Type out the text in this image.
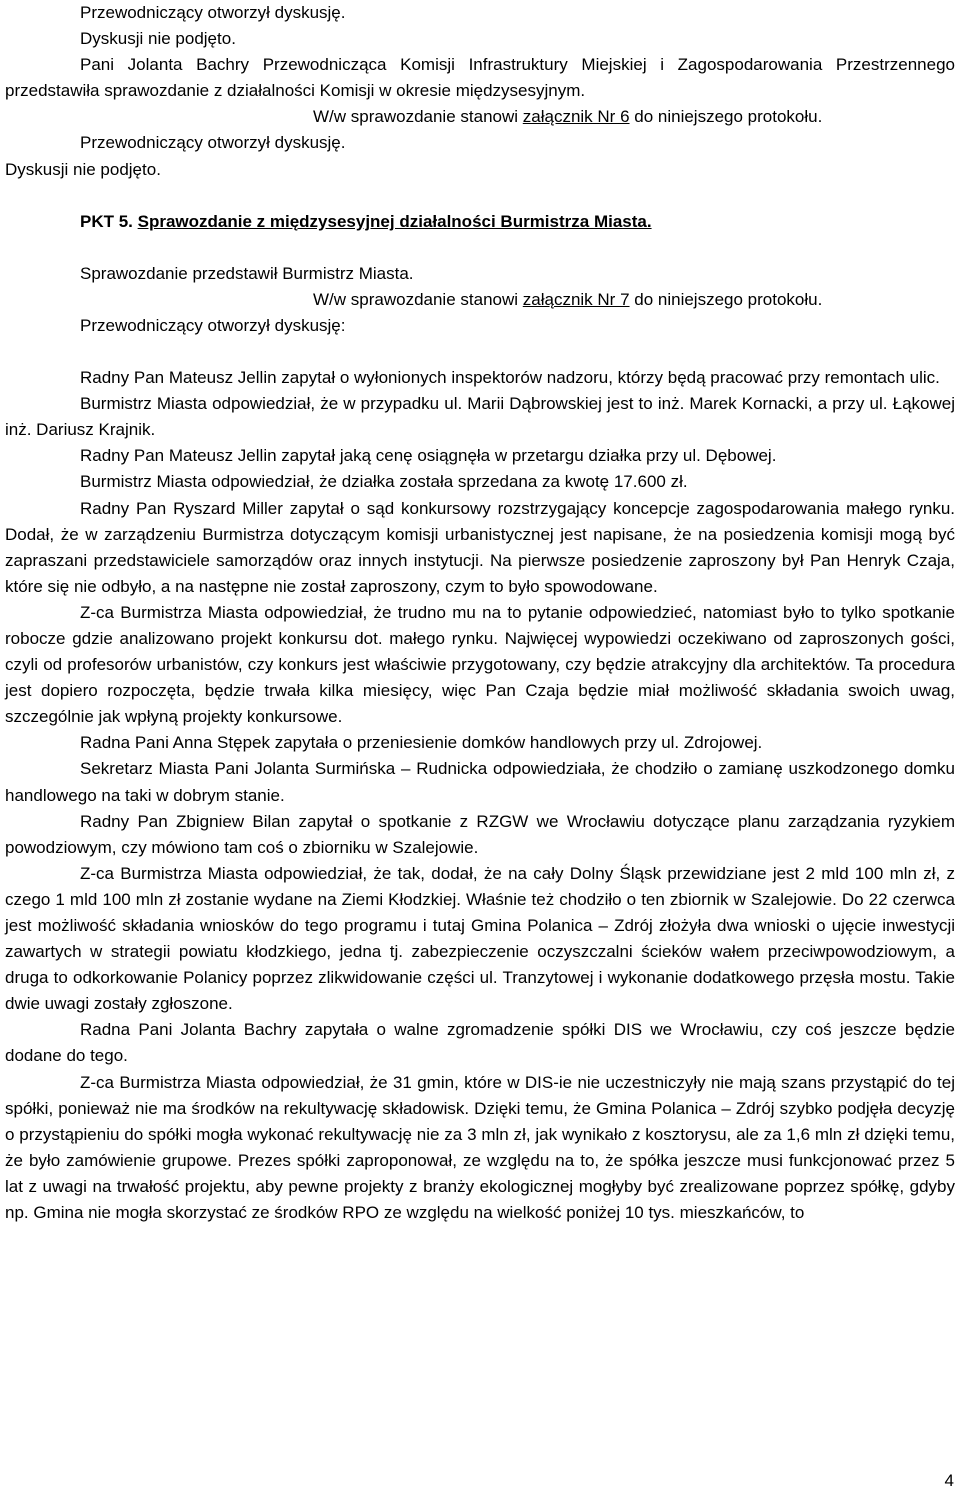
Przewodniczący otworzył dyskusję.

Dyskusji nie podjęto.

Pani Jolanta Bachry Przewodnicząca Komisji Infrastruktury Miejskiej i Zagospodarowania Przestrzennego przedstawiła sprawozdanie z działalności Komisji w okresie międzysesyjnym.

W/w sprawozdanie stanowi załącznik Nr 6 do niniejszego protokołu.

Przewodniczący otworzył dyskusję.

Dyskusji nie podjęto.

PKT 5. Sprawozdanie z międzysesyjnej działalności Burmistrza Miasta.

Sprawozdanie przedstawił Burmistrz Miasta.

W/w sprawozdanie stanowi załącznik Nr 7 do niniejszego protokołu.

Przewodniczący otworzył dyskusję:

Radny Pan Mateusz Jellin zapytał o wyłonionych inspektorów nadzoru, którzy będą pracować przy remontach ulic.

Burmistrz Miasta odpowiedział, że w przypadku ul. Marii Dąbrowskiej jest to inż. Marek Kornacki, a przy ul. Łąkowej inż. Dariusz Krajnik.

Radny Pan Mateusz Jellin zapytał jaką cenę osiągnęła w przetargu działka przy ul. Dębowej.

Burmistrz Miasta odpowiedział, że działka została sprzedana za kwotę 17.600 zł.

Radny Pan Ryszard Miller zapytał o sąd konkursowy rozstrzygający koncepcje zagospodarowania małego rynku. Dodał, że w zarządzeniu Burmistrza dotyczącym komisji urbanistycznej jest napisane, że na posiedzenia komisji mogą być zapraszani przedstawiciele samorządów oraz innych instytucji. Na pierwsze posiedzenie zaproszony był Pan Henryk Czaja, które się nie odbyło, a na następne nie został zaproszony, czym to było spowodowane.

Z-ca Burmistrza Miasta odpowiedział, że trudno mu na to pytanie odpowiedzieć, natomiast było to tylko spotkanie robocze gdzie analizowano projekt konkursu dot. małego rynku. Najwięcej wypowiedzi oczekiwano od zaproszonych gości, czyli od profesorów urbanistów, czy konkurs jest właściwie przygotowany, czy będzie atrakcyjny dla architektów. Ta procedura jest dopiero rozpoczęta, będzie trwała kilka miesięcy, więc Pan Czaja będzie miał możliwość składania swoich uwag, szczególnie jak wpłyną projekty konkursowe.

Radna Pani Anna Stępek zapytała o przeniesienie domków handlowych przy ul. Zdrojowej.

Sekretarz Miasta Pani Jolanta Surmińska – Rudnicka odpowiedziała, że chodziło o zamianę uszkodzonego domku handlowego na taki w dobrym stanie.

Radny Pan Zbigniew Bilan zapytał o spotkanie z RZGW we Wrocławiu dotyczące planu zarządzania ryzykiem powodziowym, czy mówiono tam coś o zbiorniku w Szalejowie.

Z-ca Burmistrza Miasta odpowiedział, że tak, dodał, że na cały Dolny Śląsk przewidziane jest 2 mld 100 mln zł, z czego 1 mld 100 mln zł zostanie wydane na Ziemi Kłodzkiej. Właśnie też chodziło o ten zbiornik w Szalejowie. Do 22 czerwca jest możliwość składania wniosków do tego programu i tutaj Gmina Polanica – Zdrój złożyła dwa wnioski o ujęcie inwestycji zawartych w strategii powiatu kłodzkiego, jedna tj. zabezpieczenie oczyszczalni ścieków wałem przeciwpowodziowym, a druga to odkorkowanie Polanicy poprzez zlikwidowanie części ul. Tranzytowej i wykonanie dodatkowego przęsła mostu. Takie dwie uwagi zostały zgłoszone.

Radna Pani Jolanta Bachry zapytała o walne zgromadzenie spółki DIS we Wrocławiu, czy coś jeszcze będzie dodane do tego.

Z-ca Burmistrza Miasta odpowiedział, że 31 gmin, które w DIS-ie nie uczestniczyły nie mają szans przystąpić do tej spółki, ponieważ nie ma środków na rekultywację składowisk. Dzięki temu, że Gmina Polanica – Zdrój szybko podjęła decyzję o przystąpieniu do spółki mogła wykonać rekultywację nie za 3 mln zł, jak wynikało z kosztorysu, ale za 1,6 mln zł dzięki temu, że było zamówienie grupowe. Prezes spółki zaproponował, ze względu na to, że spółka jeszcze musi funkcjonować przez 5 lat z uwagi na trwałość projektu, aby pewne projekty z branży ekologicznej mogłyby być zrealizowane poprzez spółkę, gdyby np. Gmina nie mogła skorzystać ze środków RPO ze względu na wielkość poniżej 10 tys. mieszkańców, to

4
